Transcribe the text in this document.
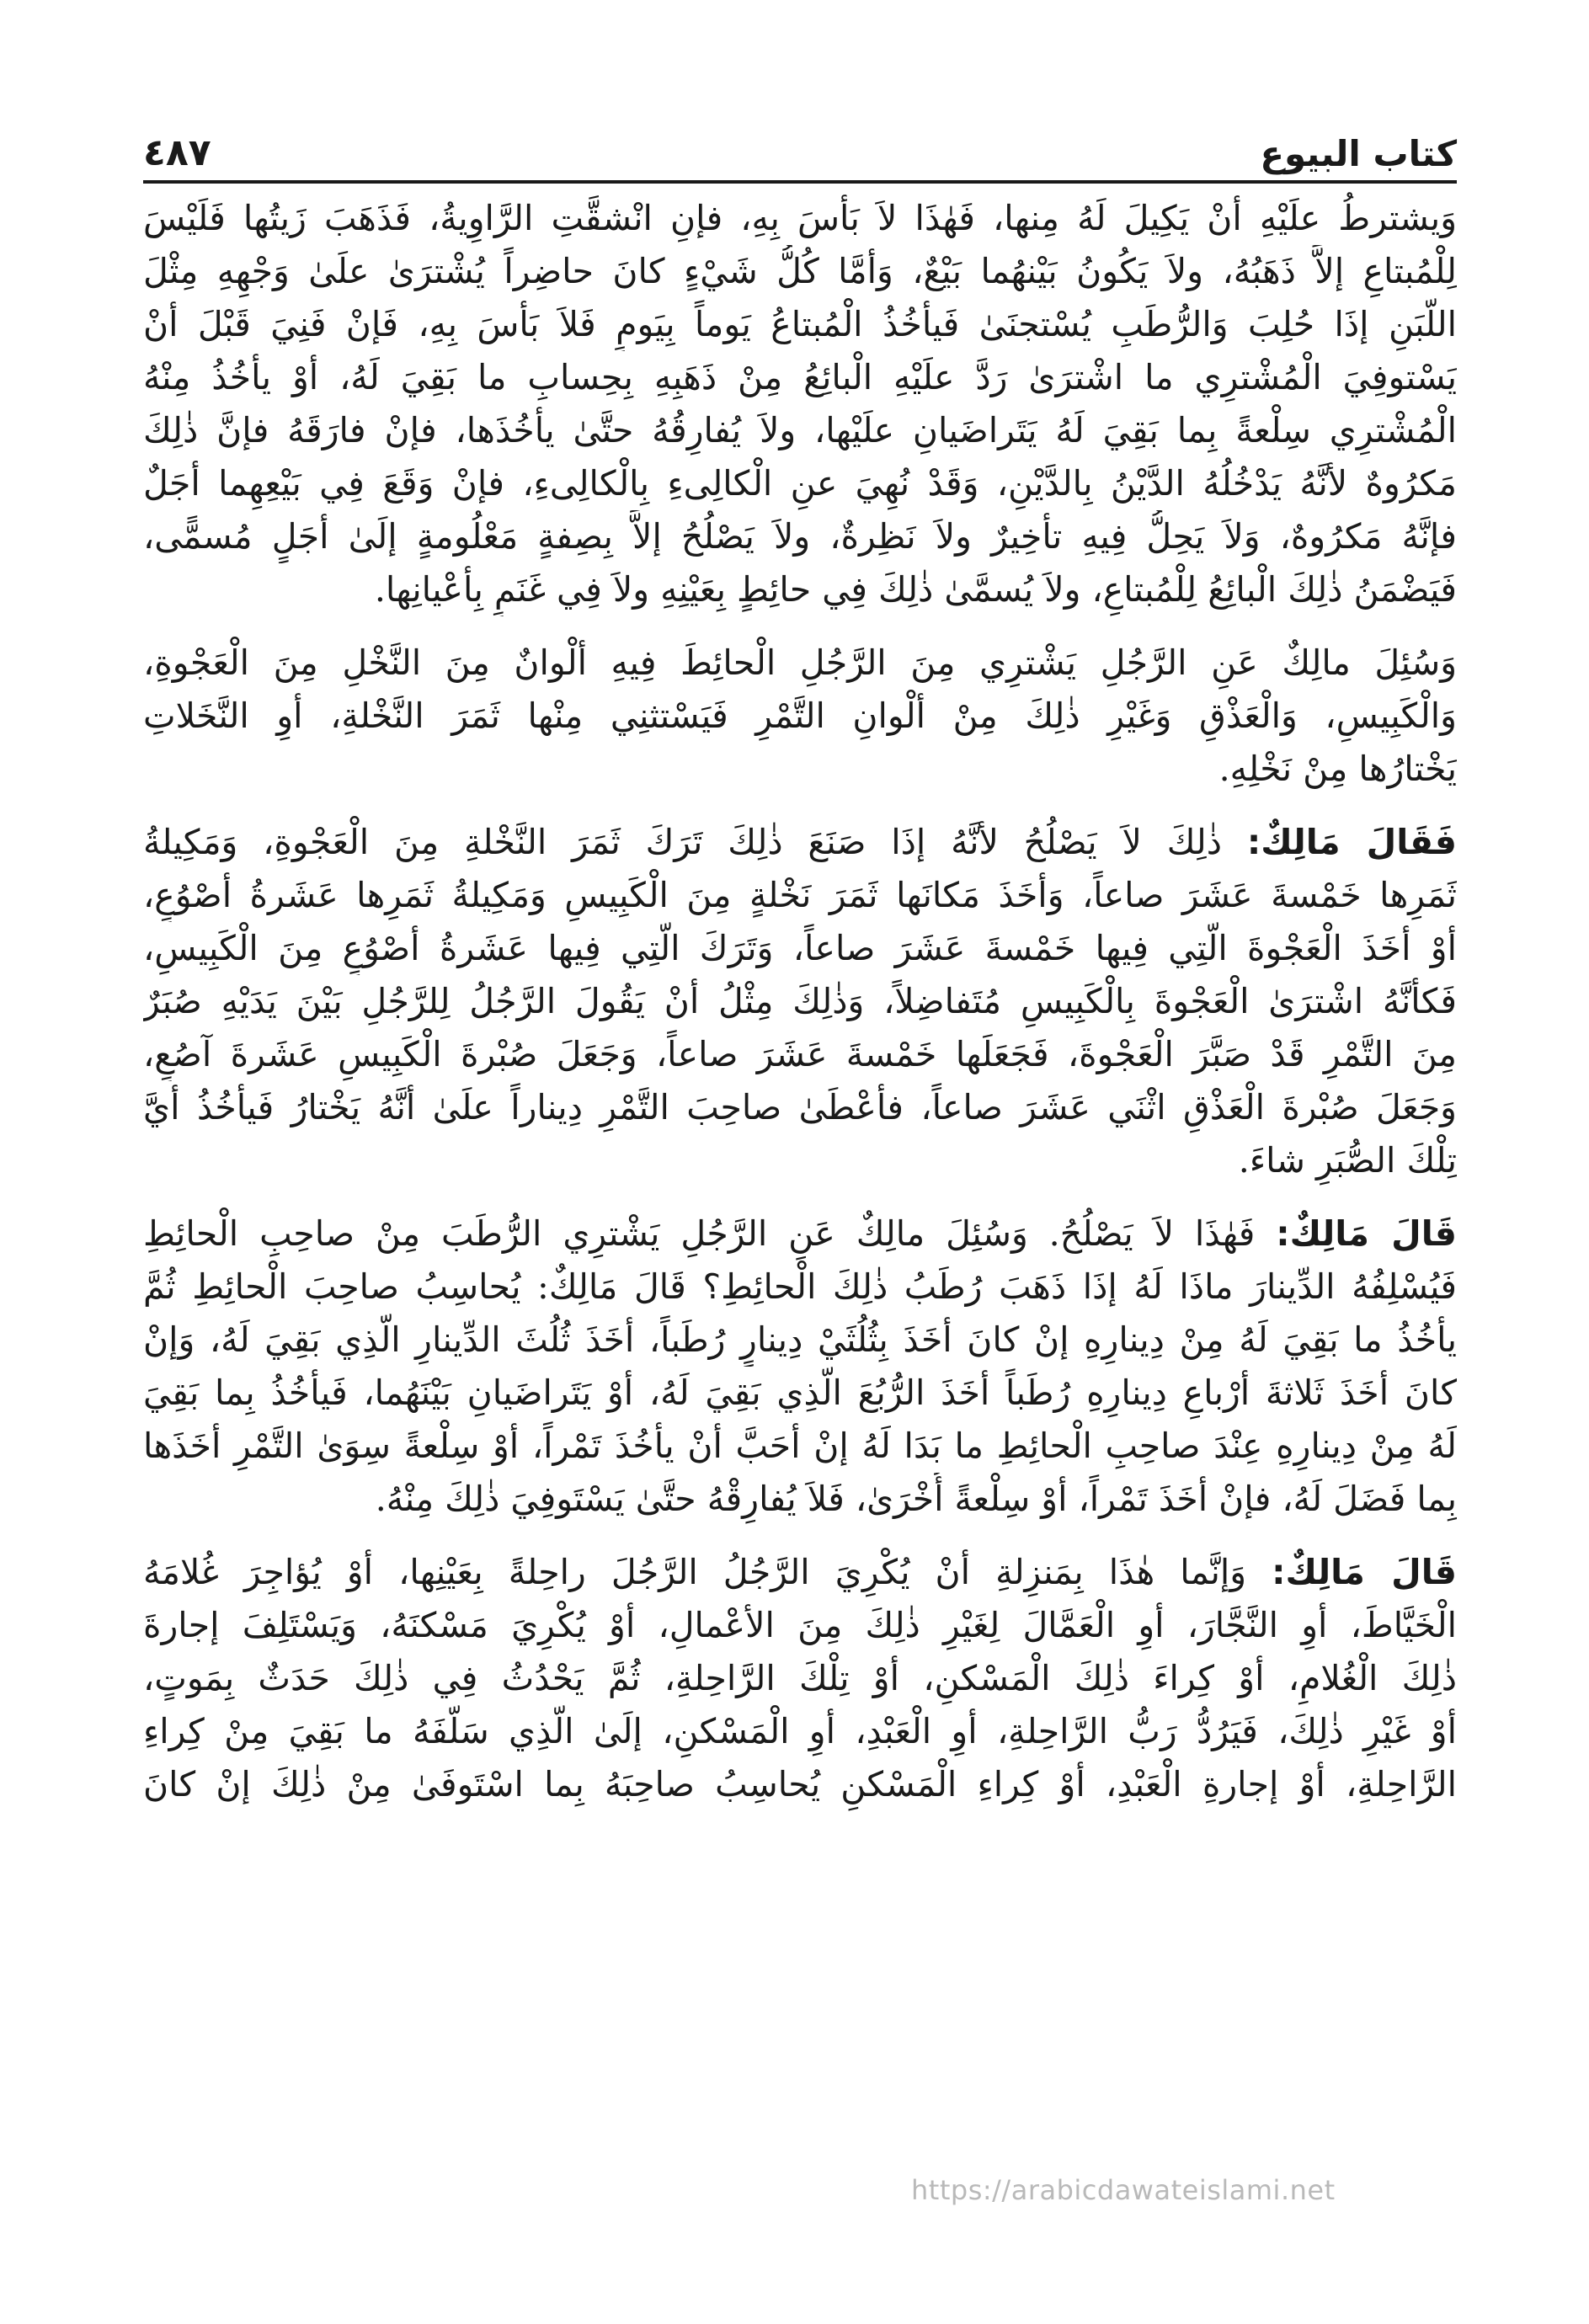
كتاب البيوع
٤٨٧
وَيشترطُ علَيْهِ أنْ يَكِيلَ لَهُ مِنها، فَهٰذَا لاَ بَأسَ بِهِ، فإنِ انْشقَّتِ الرَّاوِيةُ، فَذَهَبَ زَيتُها فَلَيْسَ
لِلْمُبتاعِ إلاَّ ذَهَبُهُ، ولاَ يَكُونُ بَيْنهُما بَيْعٌ، وَأمَّا كُلُّ شَيْءٍ كانَ حاضِراً يُشْترَىٰ علَىٰ وَجْهِهِ مِثْلَ
اللَّبَنِ إذَا حُلِبَ وَالرُّطَبِ يُسْتجنَىٰ فَيأخُذُ الْمُبتاعُ يَوماً بِيَومٍ فَلاَ بَأسَ بِهِ، فَإنْ فَنِيَ قَبْلَ أنْ
يَسْتوفِيَ الْمُشْترِي ما اشْترَىٰ رَدَّ علَيْهِ الْبائِعُ مِنْ ذَهَبِهِ بِحِسابِ ما بَقِيَ لَهُ، أوْ يأخُذُ مِنْهُ
الْمُشْترِي سِلْعةً بِما بَقِيَ لَهُ يَتَراضَيانِ علَيْها، ولاَ يُفارِقُهُ حتَّىٰ يأخُذَها، فإنْ فارَقَهُ فإنَّ ذٰلِكَ
مَكرُوهٌ لأنَّهُ يَدْخُلُهُ الدَّيْنُ بِالدَّيْنِ، وَقَدْ نُهِيَ عنِ الْكالِىءِ بِالْكالِىءِ، فإنْ وَقَعَ فِي بَيْعِهِما أجَلٌ
فإنَّهُ مَكرُوهٌ، وَلاَ يَحِلُّ فِيهِ تأخِيرٌ ولاَ نَظِرةٌ، ولاَ يَصْلُحُ إلاَّ بِصِفةٍ مَعْلُومةٍ إلَىٰ أجَلٍ مُسمًّى،
فَيَضْمَنُ ذٰلِكَ الْبائِعُ لِلْمُبتاعِ، ولاَ يُسمَّىٰ ذٰلِكَ فِي حائِطٍ بِعَيْنِهِ ولاَ فِي غَنَمٍ بِأعْيانِها.
وَسُئِلَ مالِكٌ عَنِ الرَّجُلِ يَشْترِي مِنَ الرَّجُلِ الْحائِطَ فِيهِ ألْوانٌ مِنَ النَّخْلِ مِنَ الْعَجْوةِ،
وَالْكَبِيسِ، وَالْعَذْقِ وَغَيْرِ ذٰلِكَ مِنْ ألْوانِ التَّمْرِ فَيَسْتثنِي مِنْها ثَمَرَ النَّخْلةِ، أوِ النَّخَلاتِ
يَخْتارُها مِنْ نَخْلِهِ.
فَقَالَ مَالِكٌ: ذٰلِكَ لاَ يَصْلُحُ لأنَّهُ إذَا صَنَعَ ذٰلِكَ تَرَكَ ثَمَرَ النَّخْلةِ مِنَ الْعَجْوةِ، وَمَكِيلةُ
ثَمَرِها خَمْسةَ عَشَرَ صاعاً، وَأخَذَ مَكانَها ثَمَرَ نَخْلةٍ مِنَ الْكَبِيسِ وَمَكِيلةُ ثَمَرِها عَشَرةُ أصْوُعٍ،
أوْ أخَذَ الْعَجْوةَ الَّتِي فِيها خَمْسةَ عَشَرَ صاعاً، وَتَرَكَ الَّتِي فِيها عَشَرةُ أصْوُعٍ مِنَ الْكَبِيسِ،
فَكأنَّهُ اشْترَىٰ الْعَجْوةَ بِالْكَبِيسِ مُتَفاضِلاً، وَذٰلِكَ مِثْلُ أنْ يَقُولَ الرَّجُلُ لِلرَّجُلِ بَيْنَ يَدَيْهِ صُبَرٌ
مِنَ التَّمْرِ قَدْ صَبَّرَ الْعَجْوةَ، فَجَعَلَها خَمْسةَ عَشَرَ صاعاً، وَجَعَلَ صُبْرةَ الْكَبِيسِ عَشَرةَ آصُعٍ،
وَجَعَلَ صُبْرةَ الْعَذْقِ اثْنَي عَشَرَ صاعاً، فأعْطَىٰ صاحِبَ التَّمْرِ دِيناراً علَىٰ أنَّهُ يَخْتارُ فَيأخُذُ أيَّ
تِلْكَ الصُّبَرِ شاءَ.
قَالَ مَالِكٌ: فَهٰذَا لاَ يَصْلُحُ. وَسُئِلَ مالِكٌ عَنِ الرَّجُلِ يَشْترِي الرُّطَبَ مِنْ صاحِبِ الْحائِطِ
فَيُسْلِفُهُ الدِّينارَ ماذَا لَهُ إذَا ذَهَبَ رُطَبُ ذٰلِكَ الْحائِطِ؟ قَالَ مَالِكٌ: يُحاسِبُ صاحِبَ الْحائِطِ ثُمَّ
يأخُذُ ما بَقِيَ لَهُ مِنْ دِينارِهِ إنْ كانَ أخَذَ بِثُلُثَيْ دِينارٍ رُطَباً، أخَذَ ثُلُثَ الدِّينارِ الَّذِي بَقِيَ لَهُ، وَإنْ
كانَ أخَذَ ثَلاثةَ أرْباعِ دِينارِهِ رُطَباً أخَذَ الرُّبُعَ الَّذِي بَقِيَ لَهُ، أوْ يَتَراضَيانِ بَيْنَهُما، فَيأخُذُ بِما بَقِيَ
لَهُ مِنْ دِينارِهِ عِنْدَ صاحِبِ الْحائِطِ ما بَدَا لَهُ إنْ أحَبَّ أنْ يأخُذَ تَمْراً، أوْ سِلْعةً سِوَىٰ التَّمْرِ أخَذَها
بِما فَضَلَ لَهُ، فإنْ أخَذَ تَمْراً، أوْ سِلْعةً أُخْرَىٰ، فَلاَ يُفارِقْهُ حتَّىٰ يَسْتَوفِيَ ذٰلِكَ مِنْهُ.
قَالَ مَالِكٌ: وَإنَّما هٰذَا بِمَنزِلةِ أنْ يُكْرِيَ الرَّجُلُ الرَّجُلَ راحِلةً بِعَيْنِها، أوْ يُؤاجِرَ غُلامَهُ
الْخَيَّاطَ، أوِ النَّجَّارَ، أوِ الْعَمَّالَ لِغَيْرِ ذٰلِكَ مِنَ الأعْمالِ، أوْ يُكْرِيَ مَسْكنَهُ، وَيَسْتَلِفَ إجارةَ
ذٰلِكَ الْغُلامِ، أوْ كِراءَ ذٰلِكَ الْمَسْكنِ، أوْ تِلْكَ الرَّاحِلةِ، ثُمَّ يَحْدُثُ فِي ذٰلِكَ حَدَثٌ بِمَوتٍ،
أوْ غَيْرِ ذٰلِكَ، فَيَرُدُّ رَبُّ الرَّاحِلةِ، أوِ الْعَبْدِ، أوِ الْمَسْكنِ، إلَىٰ الَّذِي سَلَّفَهُ ما بَقِيَ مِنْ كِراءِ
الرَّاحِلةِ، أوْ إجارةِ الْعَبْدِ، أوْ كِراءِ الْمَسْكنِ يُحاسِبُ صاحِبَهُ بِما اسْتَوفَىٰ مِنْ ذٰلِكَ إنْ كانَ
https://arabicdawateislami.net
